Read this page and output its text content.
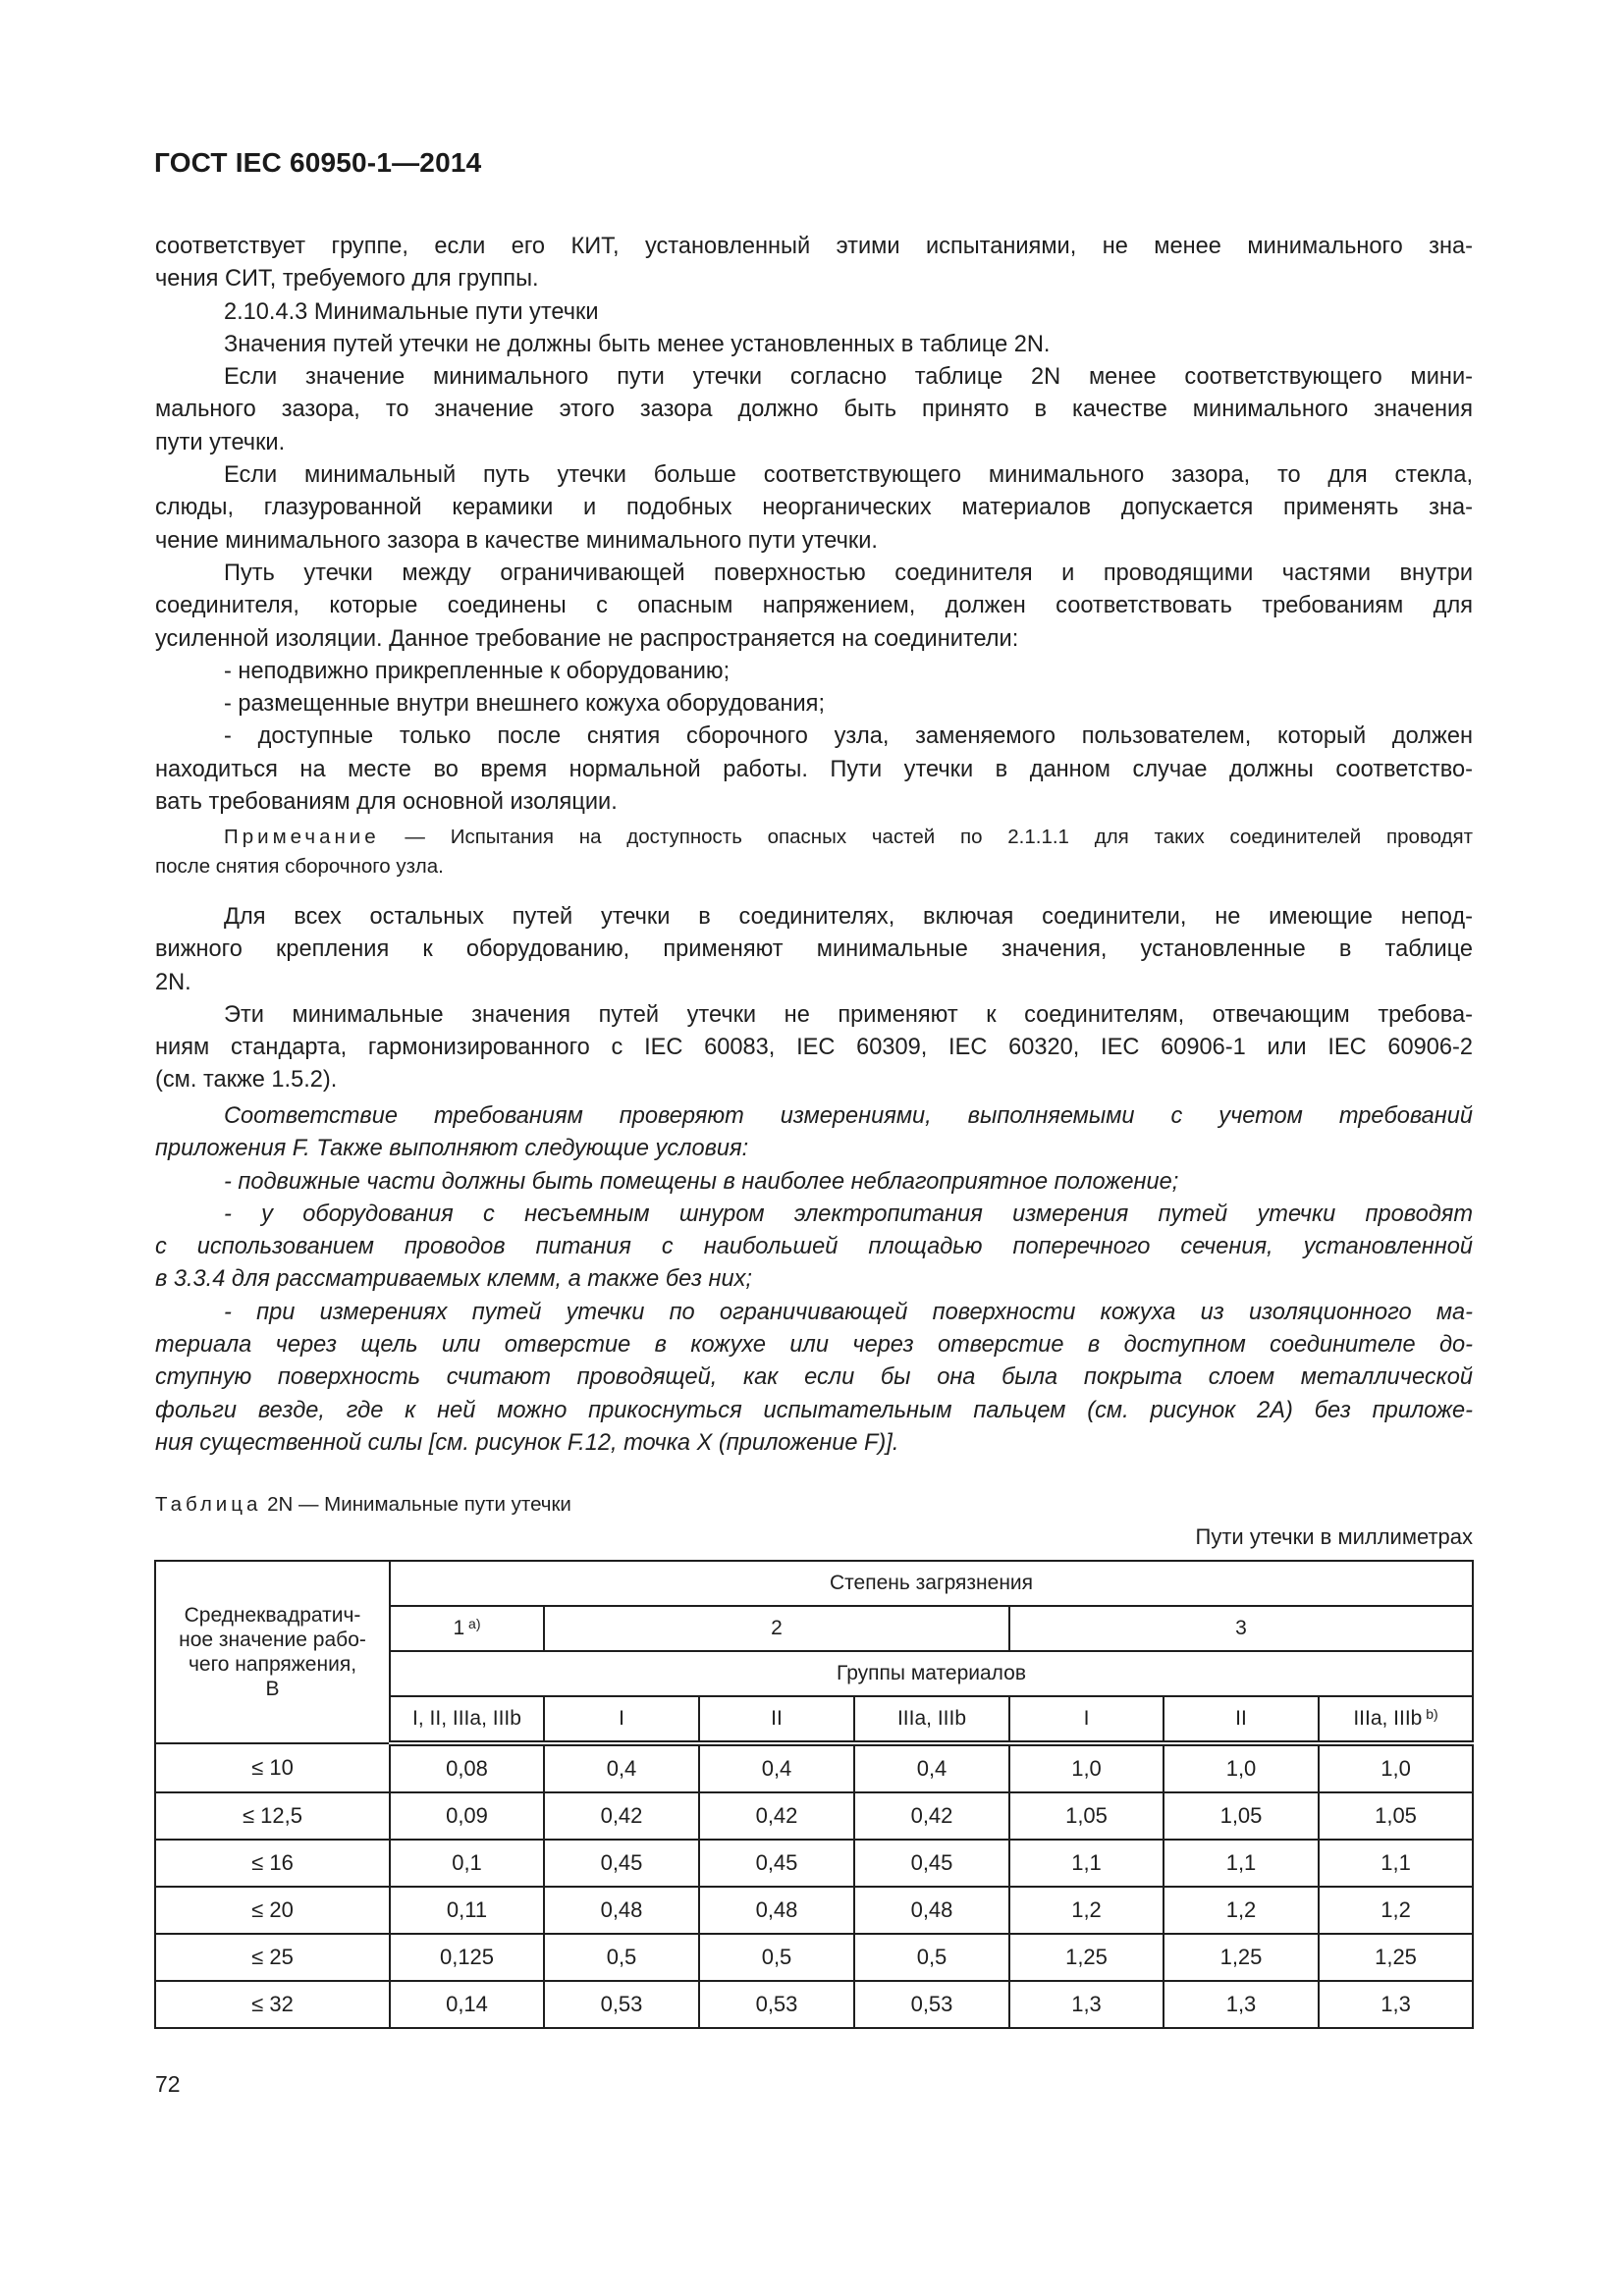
ГОСТ IEC 60950-1—2014
соответствует группе, если его КИТ, установленный этими испытаниями, не менее минимального зна-
чения СИТ, требуемого для группы.
2.10.4.3 Минимальные пути утечки
Значения путей утечки не должны быть менее установленных в таблице 2N.
Если значение минимального пути утечки согласно таблице 2N менее соответствующего мини-
мального зазора, то значение этого зазора должно быть принято в качестве минимального значения
пути утечки.
Если минимальный путь утечки больше соответствующего минимального зазора, то для стекла,
слюды, глазурованной керамики и подобных неорганических материалов допускается применять зна-
чение минимального зазора в качестве минимального пути утечки.
Путь утечки между ограничивающей поверхностью соединителя и проводящими частями внутри
соединителя, которые соединены с опасным напряжением, должен соответствовать требованиям для
усиленной изоляции. Данное требование не распространяется на соединители:
- неподвижно прикрепленные к оборудованию;
- размещенные внутри внешнего кожуха оборудования;
- доступные только после снятия сборочного узла, заменяемого пользователем, который должен
находиться на месте во время нормальной работы. Пути утечки в данном случае должны соответство-
вать требованиям для основной изоляции.
Примечание — Испытания на доступность опасных частей по 2.1.1.1 для таких соединителей проводят
после снятия сборочного узла.
Для всех остальных путей утечки в соединителях, включая соединители, не имеющие непод-
вижного крепления к оборудованию, применяют минимальные значения, установленные в таблице
2N.
Эти минимальные значения путей утечки не применяют к соединителям, отвечающим требова-
ниям стандарта, гармонизированного с IEC 60083, IEC 60309, IEC 60320, IEC 60906-1 или IEC 60906-2
(см. также 1.5.2).
Соответствие требованиям проверяют измерениями, выполняемыми с учетом требований
приложения F. Также выполняют следующие условия:
- подвижные части должны быть помещены в наиболее неблагоприятное положение;
- у оборудования с несъемным шнуром электропитания измерения путей утечки проводят
с использованием проводов питания с наибольшей площадью поперечного сечения, установленной
в 3.3.4 для рассматриваемых клемм, а также без них;
- при измерениях путей утечки по ограничивающей поверхности кожуха из изоляционного ма-
териала через щель или отверстие в кожухе или через отверстие в доступном соединителе до-
ступную поверхность считают проводящей, как если бы она была покрыта слоем металлической
фольги везде, где к ней можно прикоснуться испытательным пальцем (см. рисунок 2А) без приложе-
ния существенной силы [см. рисунок F.12, точка X (приложение F)].
Таблица 2N — Минимальные пути утечки
Пути утечки в миллиметрах
Среднеквадратич-
ное значение рабо-
чего напряжения,
В	Степень загрязнения						
	1 $^{a)}$	2			3		
	Группы материалов						
	I, II, IIIa, IIIb	I	II	IIIa, IIIb	I	II	IIIa, IIIb $^{b)}$
≤ 10	0,08	0,4	0,4	0,4	1,0	1,0	1,0
≤ 12,5	0,09	0,42	0,42	0,42	1,05	1,05	1,05
≤ 16	0,1	0,45	0,45	0,45	1,1	1,1	1,1
≤ 20	0,11	0,48	0,48	0,48	1,2	1,2	1,2
≤ 25	0,125	0,5	0,5	0,5	1,25	1,25	1,25
≤ 32	0,14	0,53	0,53	0,53	1,3	1,3	1,3
72
